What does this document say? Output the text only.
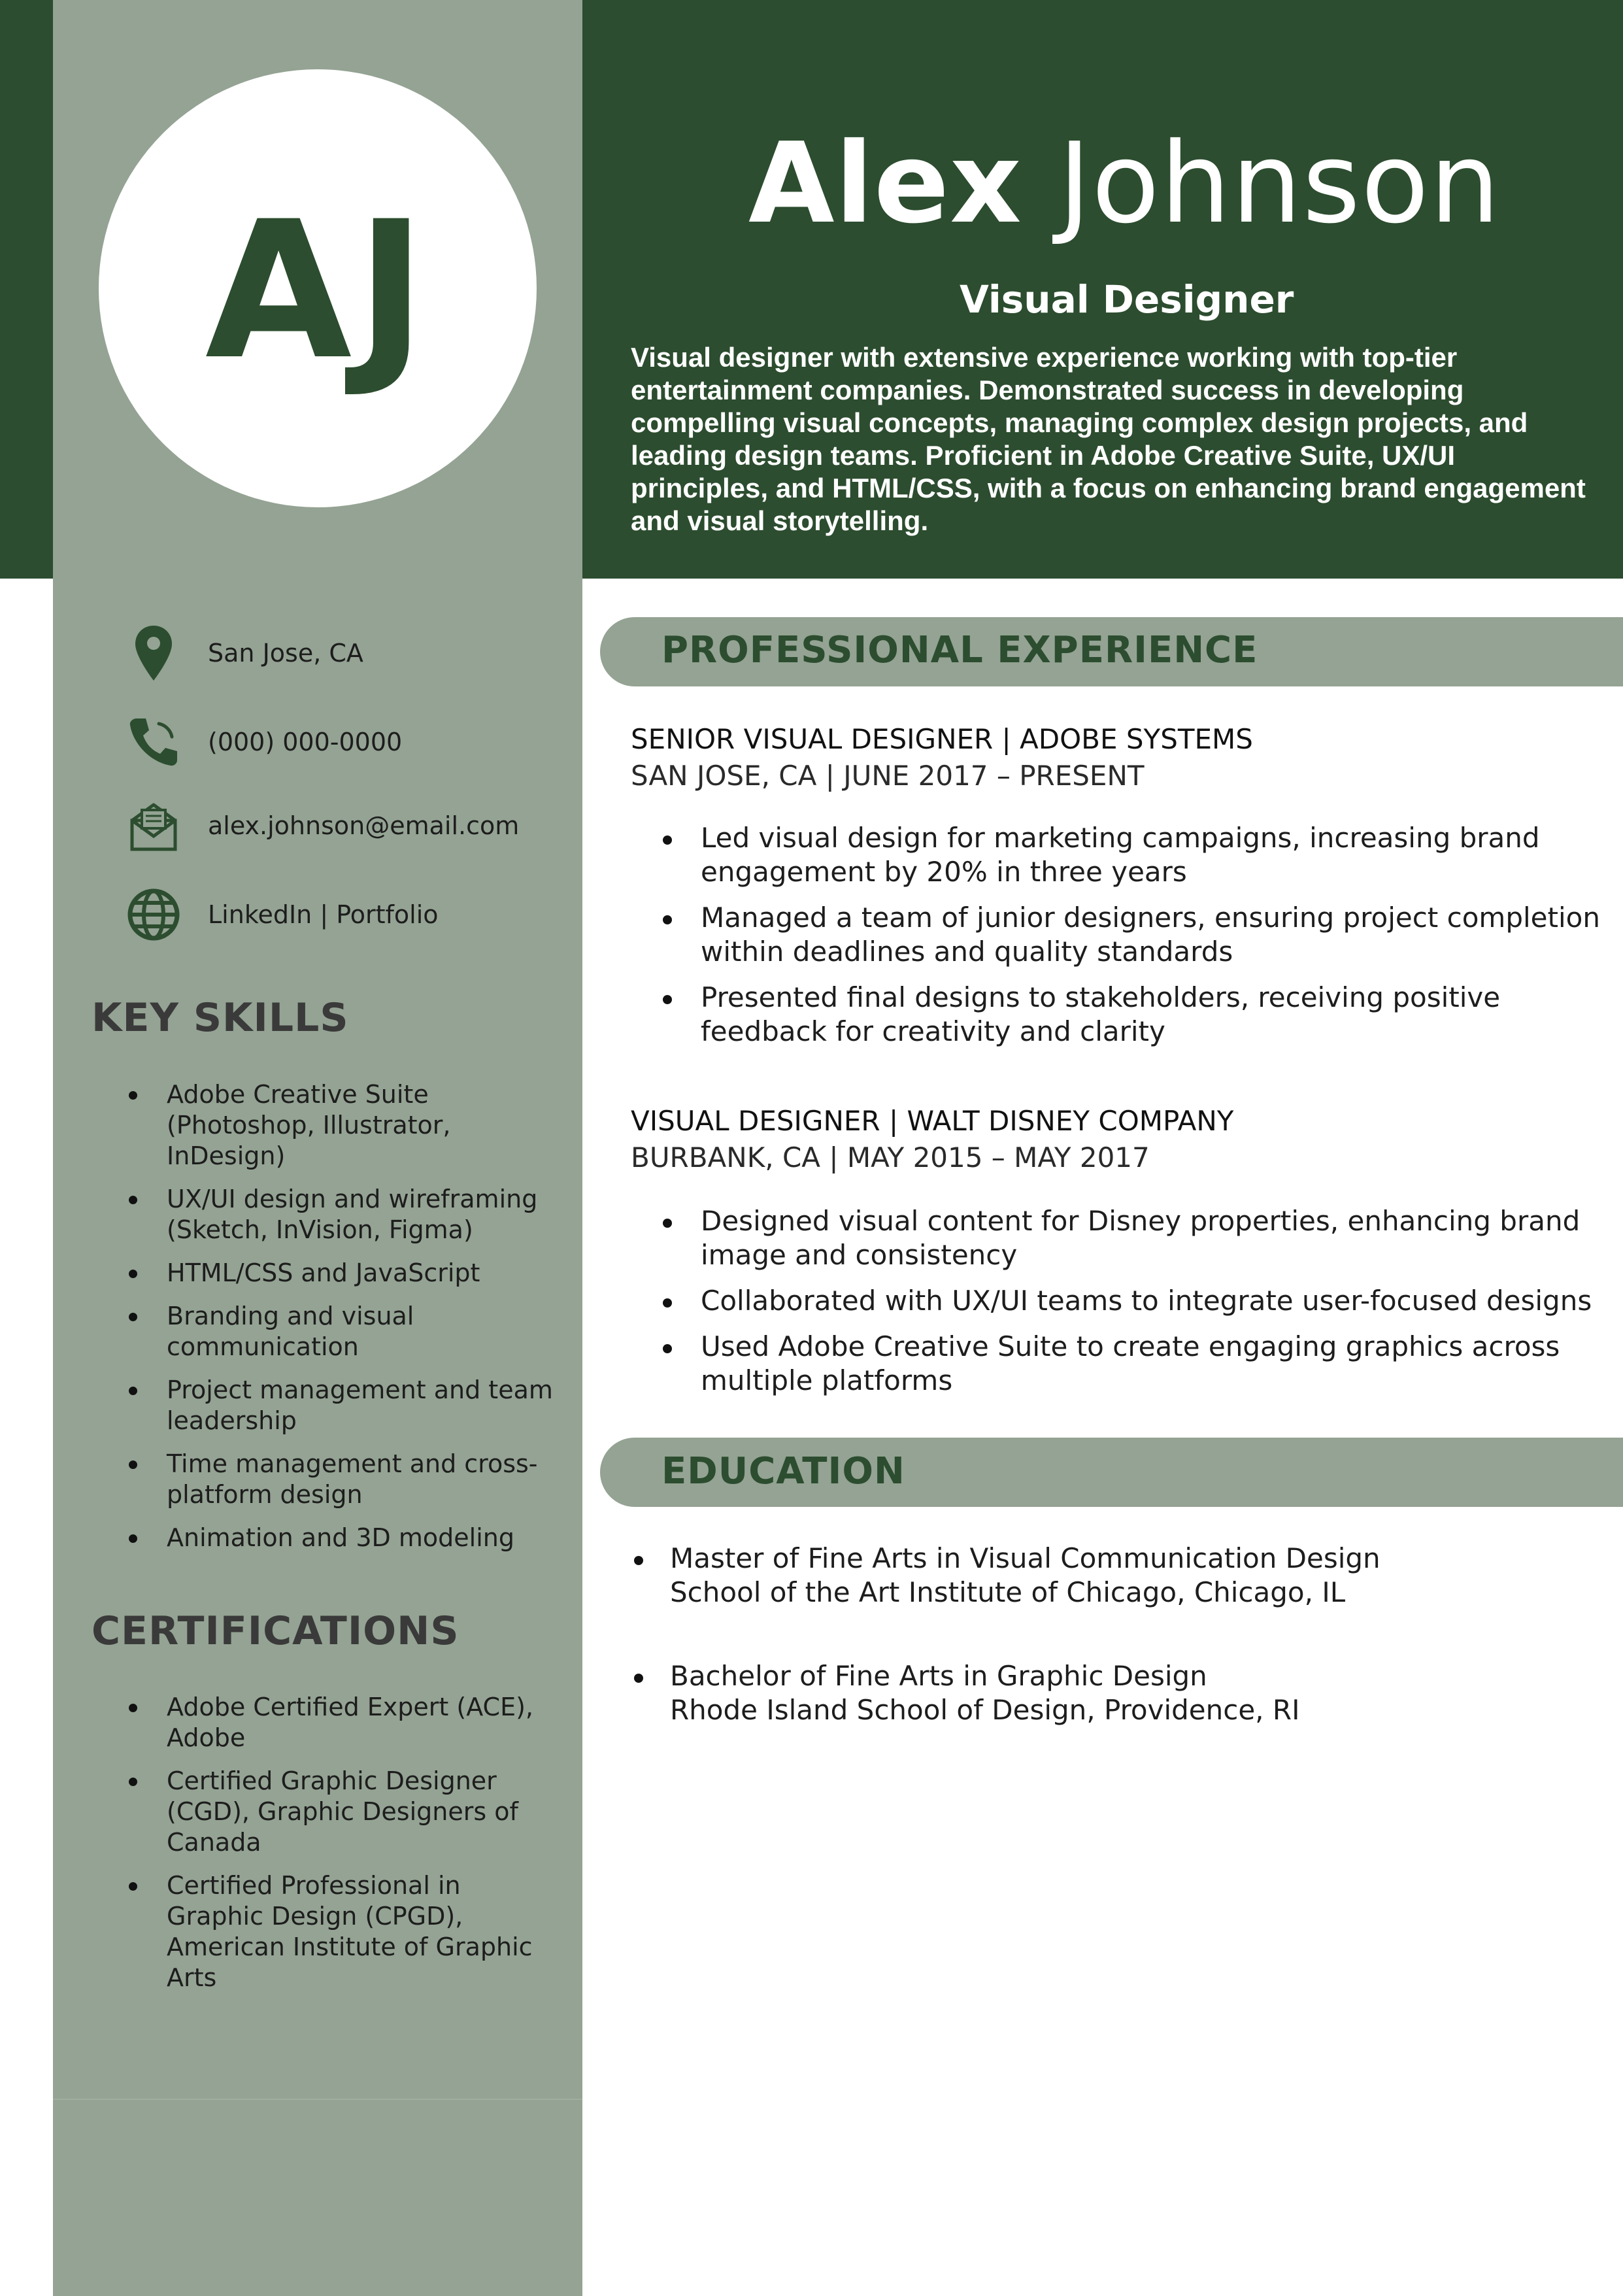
AJ	Alex Johnson
Visual Designer
Visual designer with extensive experience working with top-tier entertainment companies. Demonstrated success in developing compelling visual concepts, managing complex design projects, and leading design teams. Proficient in Adobe Creative Suite, UX/UI principles, and HTML/CSS, with a focus on enhancing brand engagement and visual storytelling.
San Jose, CA
(000) 000-0000
alex.johnson@email.com
LinkedIn | Portfolio
KEY SKILLS
Adobe Creative Suite (Photoshop, Illustrator, InDesign)
UX/UI design and wireframing (Sketch, InVision, Figma)
HTML/CSS and JavaScript
Branding and visual communication
Project management and team leadership
Time management and cross-platform design
Animation and 3D modeling
CERTIFICATIONS
Adobe Certified Expert (ACE), Adobe
Certified Graphic Designer (CGD), Graphic Designers of Canada
Certified Professional in Graphic Design (CPGD), American Institute of Graphic Arts
PROFESSIONAL EXPERIENCE
SENIOR VISUAL DESIGNER | ADOBE SYSTEMS
SAN JOSE, CA | JUNE 2017 – PRESENT
Led visual design for marketing campaigns, increasing brand engagement by 20% in three years
Managed a team of junior designers, ensuring project completion within deadlines and quality standards
Presented final designs to stakeholders, receiving positive feedback for creativity and clarity
VISUAL DESIGNER | WALT DISNEY COMPANY
BURBANK, CA | MAY 2015 – MAY 2017
Designed visual content for Disney properties, enhancing brand image and consistency
Collaborated with UX/UI teams to integrate user-focused designs
Used Adobe Creative Suite to create engaging graphics across multiple platforms
EDUCATION
Master of Fine Arts in Visual Communication Design
School of the Art Institute of Chicago, Chicago, IL
Bachelor of Fine Arts in Graphic Design
Rhode Island School of Design, Providence, RI
